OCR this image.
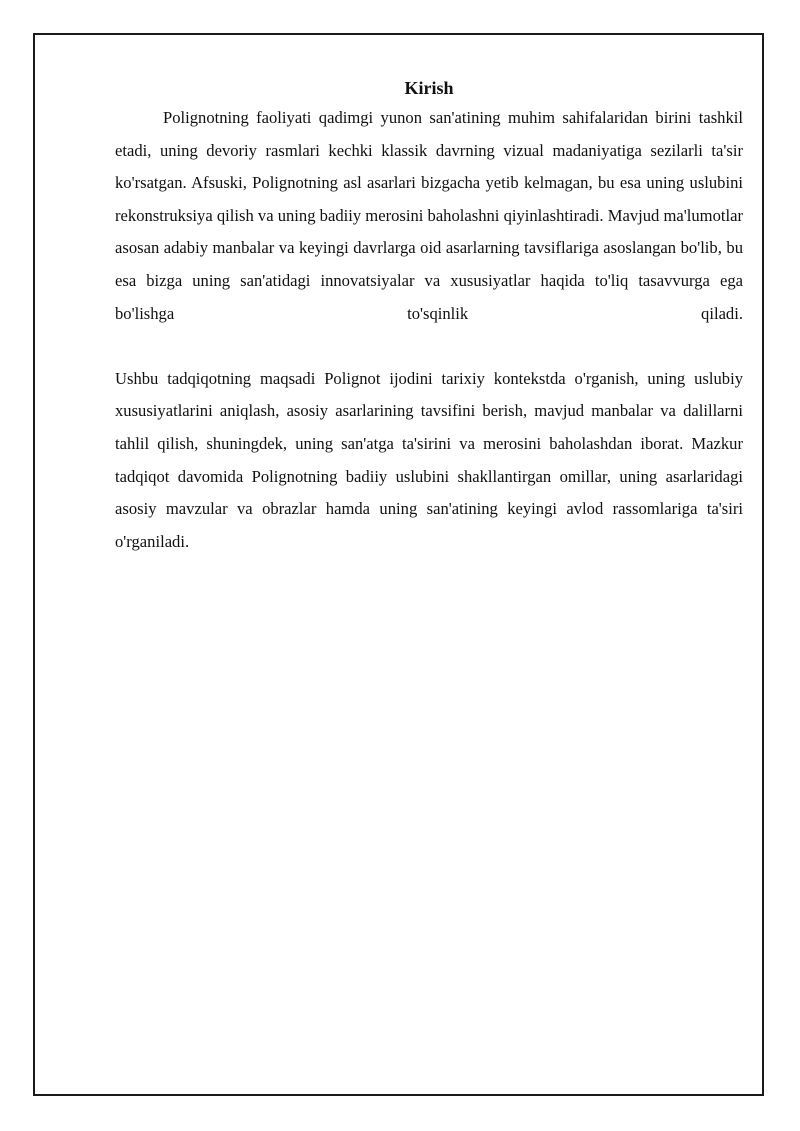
Kirish

Polignotning faoliyati qadimgi yunon san'atining muhim sahifalaridan birini tashkil etadi, uning devoriy rasmlari kechki klassik davrning vizual madaniyatiga sezilarli ta'sir ko'rsatgan. Afsuski, Polignotning asl asarlari bizgacha yetib kelmagan, bu esa uning uslubini rekonstruksiya qilish va uning badiiy merosini baholashni qiyinlashtiradi. Mavjud ma'lumotlar asosan adabiy manbalar va keyingi davrlarga oid asarlarning tavsiflariga asoslangan bo'lib, bu esa bizga uning san'atidagi innovatsiyalar va xususiyatlar haqida to'liq tasavvurga ega bo'lishga to'sqinlik qiladi.

Ushbu tadqiqotning maqsadi Polignot ijodini tarixiy kontekstda o'rganish, uning uslubiy xususiyatlarini aniqlash, asosiy asarlarining tavsifini berish, mavjud manbalar va dalillarni tahlil qilish, shuningdek, uning san'atga ta'sirini va merosini baholashdan iborat. Mazkur tadqiqot davomida Polignotning badiiy uslubini shakllantirgan omillar, uning asarlaridagi asosiy mavzular va obrazlar hamda uning san'atining keyingi avlod rassomlariga ta'siri o'rganiladi.
